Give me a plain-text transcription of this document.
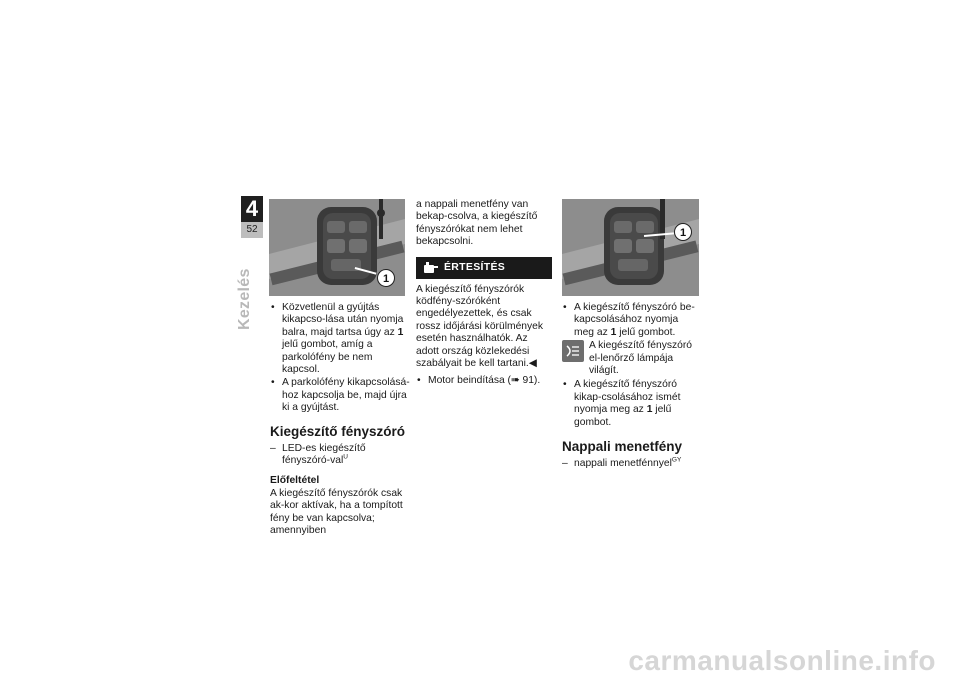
4
52
Kezelés	1
1
• Közvetlenül a gyújtás kikapcso-lása után nyomja balra, majd tartsa úgy az 1 jelű gombot, amíg a parkolófény be nem kapcsol.
• A parkolófény kikapcsolásá-hoz kapcsolja be, majd újra ki a gyújtást.
Kiegészítő fényszóró
– LED-es kiegészítő fényszóró-val$^U$
Előfeltétel
A kiegészítő fényszórók csak ak-kor aktívak, ha a tompított fény be van kapcsolva; amennyiben
a nappali menetfény van bekap-csolva, a kiegészítő fényszórókat nem lehet bekapcsolni.
ÉRTESÍTÉS
A kiegészítő fényszórók ködfény-szóróként engedélyezettek, és csak rossz időjárási körülmények esetén használhatók. Az adott ország közlekedési szabályait be kell tartani.◀
• Motor beindítása (➠ 91).
• A kiegészítő fényszóró be-kapcsolásához nyomja meg az 1 jelű gombot.
A kiegészítő fényszóró el-lenőrző lámpája világít.
• A kiegészítő fényszóró kikap-csolásához ismét nyomja meg az 1 jelű gombot.
Nappali menetfény
– nappali menetfénnyel$^{GY}$
carmanualsonline.info
